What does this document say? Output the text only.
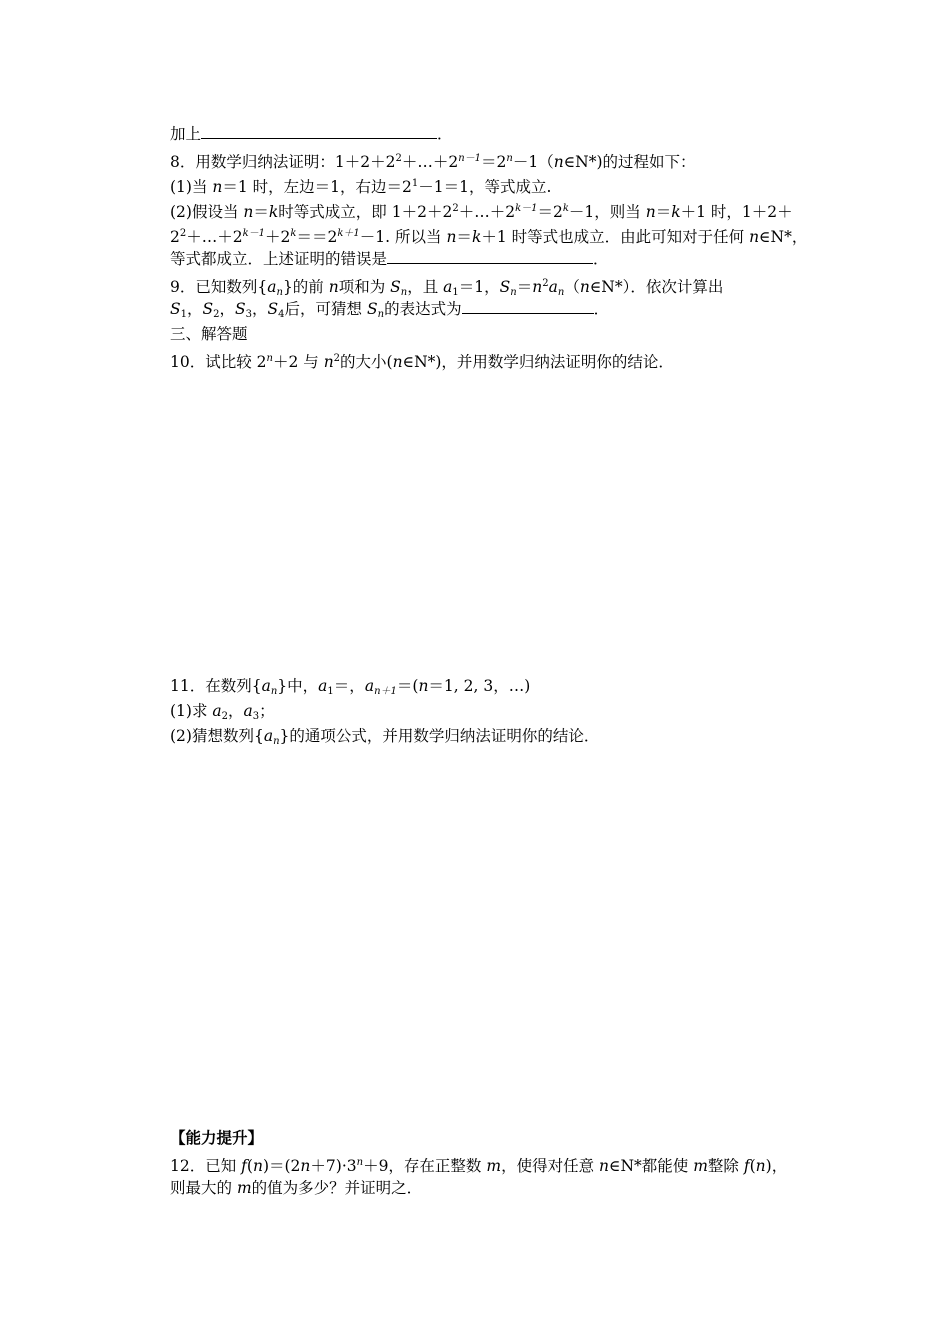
加上	．
8．用数学归纳法证明：$1+2+2^2+\dots+2^{n-1}=2^n-1(n\in N*)$的过程如下：
(1)当 n＝1 时，左边＝1，右边$=2^1-1=1$，等式成立.
(2)假设当 n＝k时等式成立，即 $1+2+2^2+\dots+2^{k-1}=2^k-1$，则当 n＝k＋1 时，1＋2＋
$2^2+\dots+2^{k-1}+2^k==2^{k+1}-1$. 所以当 n＝k＋1 时等式也成立．由此可知对于任何 n∈N*，
等式都成立．上述证明的错误是	．
9．已知数列$\{a_n\}$的前 n项和为 $S_n$，且 $a_1=1$，$S_n=n^2a_n(n\in N*)$．依次计算出
$S_1$，$S_2$，$S_3$，$S_4$后，可猜想 $S_n$的表达式为	．
三、解答题
10．试比较 $2^n+2$ 与 $n^2$的大小(n∈N*)，并用数学归纳法证明你的结论．
11．在数列$\{a_n\}$中，$a_1=$，$a_{n+1}=(n=1$, 2, 3，…)
(1)求 $a_2$，$a_3$；
(2)猜想数列$\{a_n\}$的通项公式，并用数学归纳法证明你的结论．
【能力提升】
12．已知 $f(n)=(2n+7)\cdot 3^n+9$，存在正整数 m，使得对任意 n∈N*都能使 m整除 f(n)，
则最大的 m的值为多少？并证明之．
